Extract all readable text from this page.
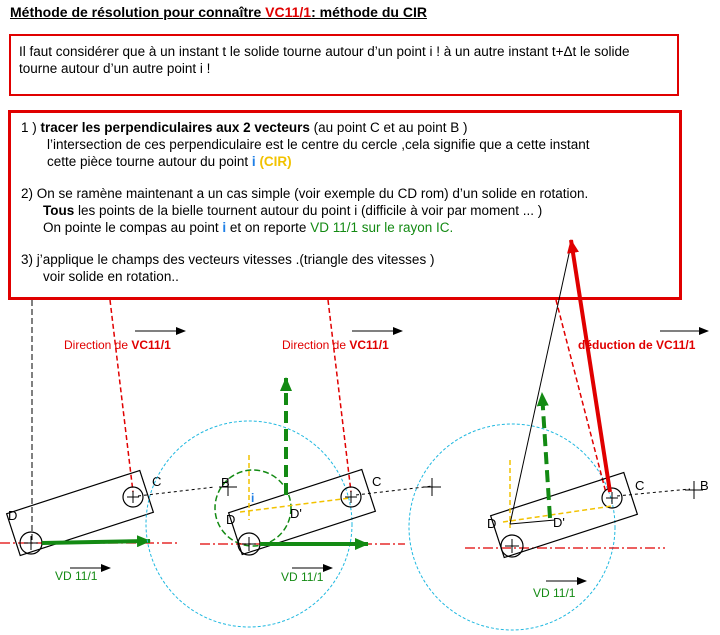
Méthode de résolution pour connaître VC11/1: méthode du CIR
Il faut considérer que à un instant t le solide tourne autour d’un point i ! à un autre instant t+Δt le solide tourne autour d’un autre point i !

1 ) tracer les perpendiculaires aux 2 vecteurs (au point C et au point B )

l’intersection de ces perpendiculaire est le centre du cercle ,cela signifie que a cette instant

cette pièce tourne autour du point i (CIR)

2) On se ramène maintenant a un cas simple (voir exemple du CD rom) d’un solide en rotation.

Tous les points de la bielle tournent autour du point i (difficile à voir par moment ... )

On pointe le compas au point i et on reporte VD 11/1 sur le rayon IC.

3) j’applique le champs des vecteurs vitesses .(triangle des vitesses )

voir solide en rotation..

Direction de VC11/1
C
D
VD 11/1
Direction de VC11/1
B	C
D	D'
i
VD 11/1
déduction de VC11/1
C	B
D	D'
VD 11/1
